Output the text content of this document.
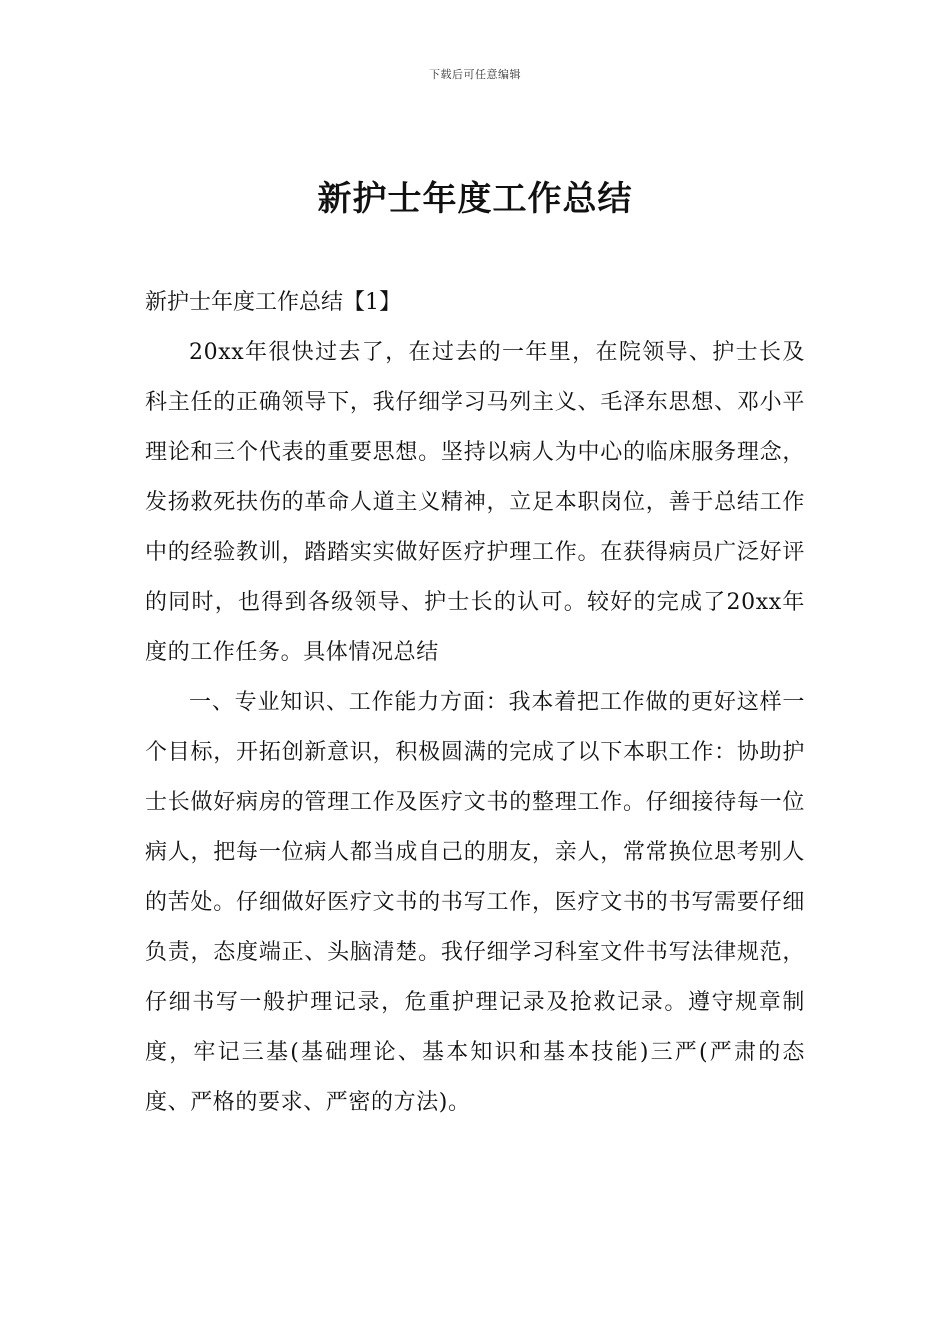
下载后可任意编辑
新护士年度工作总结

新护士年度工作总结【1】

20xx年很快过去了，在过去的一年里，在院领导、护士长及科主任的正确领导下，我仔细学习马列主义、毛泽东思想、邓小平理论和三个代表的重要思想。坚持以病人为中心的临床服务理念，发扬救死扶伤的革命人道主义精神，立足本职岗位，善于总结工作中的经验教训，踏踏实实做好医疗护理工作。在获得病员广泛好评的同时，也得到各级领导、护士长的认可。较好的完成了20xx年度的工作任务。具体情况总结

一、专业知识、工作能力方面：我本着把工作做的更好这样一个目标，开拓创新意识，积极圆满的完成了以下本职工作：协助护士长做好病房的管理工作及医疗文书的整理工作。仔细接待每一位病人，把每一位病人都当成自己的朋友，亲人，常常换位思考别人的苦处。仔细做好医疗文书的书写工作，医疗文书的书写需要仔细负责，态度端正、头脑清楚。我仔细学习科室文件书写法律规范，仔细书写一般护理记录，危重护理记录及抢救记录。遵守规章制度，牢记三基(基础理论、基本知识和基本技能)三严(严肃的态度、严格的要求、严密的方法)。
